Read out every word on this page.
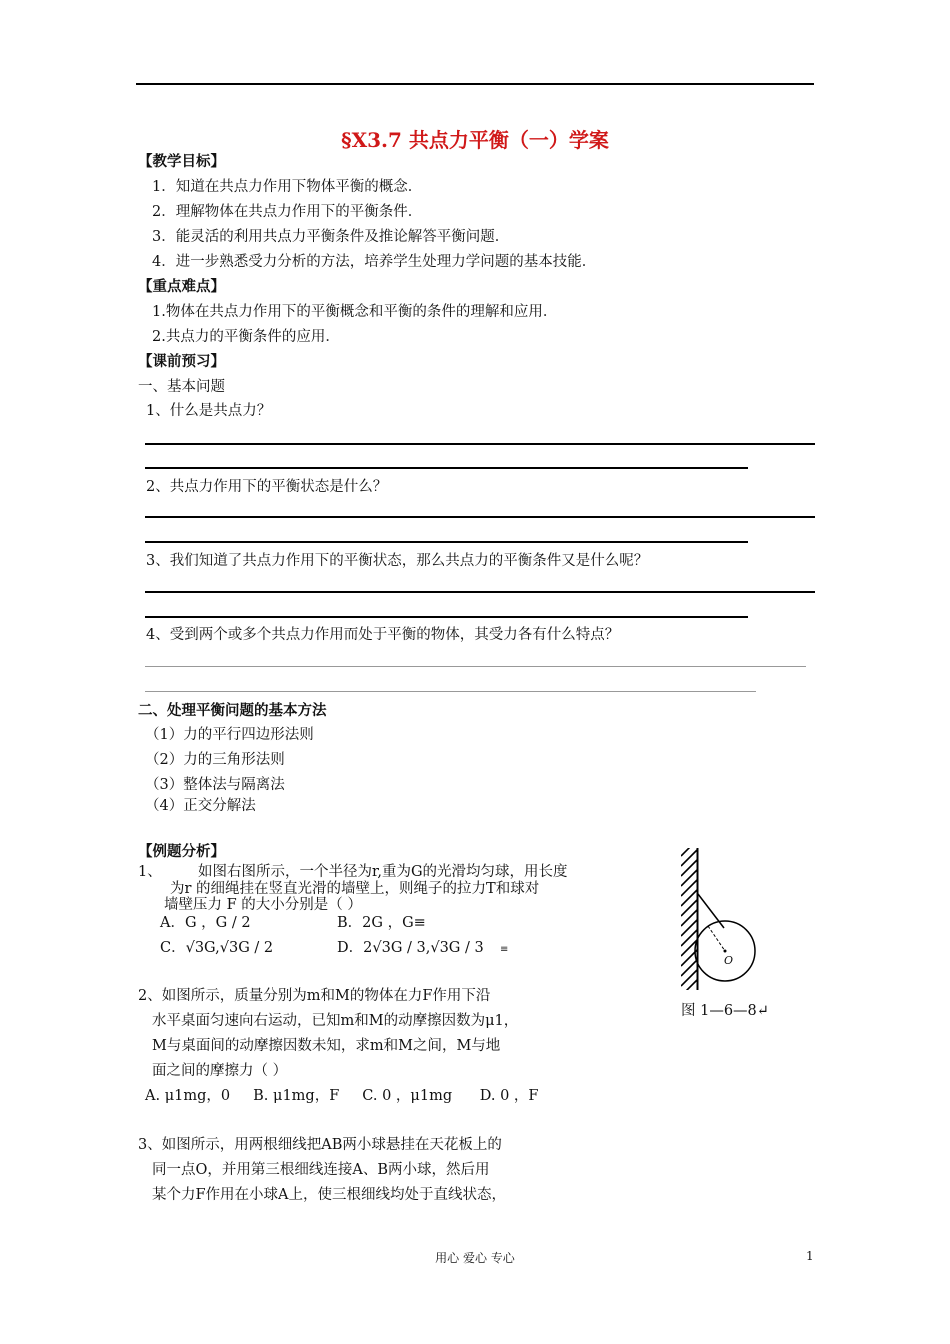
§X3.7 共点力平衡（一）学案
【教学目标】
1．知道在共点力作用下物体平衡的概念．
2．理解物体在共点力作用下的平衡条件．
3．能灵活的利用共点力平衡条件及推论解答平衡问题．
4．进一步熟悉受力分析的方法，培养学生处理力学问题的基本技能．
【重点难点】
1.物体在共点力作用下的平衡概念和平衡的条件的理解和应用．
2.共点力的平衡条件的应用．
【课前预习】
一、基本问题
1、什么是共点力？
2、共点力作用下的平衡状态是什么？
3、我们知道了共点力作用下的平衡状态，那么共点力的平衡条件又是什么呢？
4、受到两个或多个共点力作用而处于平衡的物体，其受力各有什么特点？
二、处理平衡问题的基本方法
（1）力的平行四边形法则
（2）力的三角形法则
（3）整体法与隔离法
（4）正交分解法
【例题分析】
1、	如图右图所示，一个半径为r,重为G的光滑均匀球，用长度
为r 的细绳挂在竖直光滑的墙壁上，则绳子的拉力T和球对
墙壁压力 F 的大小分别是（ ）
A．G ，G / 2	B．2G ，G≡
C．√3G,√3G / 2	D．2√3G / 3,√3G / 3 ≡
O
图 1—6—8↵
2、如图所示，质量分别为m和M的物体在力F作用下沿
水平桌面匀速向右运动，已知m和M的动摩擦因数为μ1，
M与桌面间的动摩擦因数未知，求m和M之间，M与地
面之间的摩擦力（ ）
A. μ1mg，0     B. μ1mg，F     C. 0 ，μ1mg      D. 0 ，F
3、如图所示，用两根细线把AB两小球悬挂在天花板上的
同一点O，并用第三根细线连接A、B两小球，然后用
某个力F作用在小球A上，使三根细线均处于直线状态，
用心 爱心 专心	1
